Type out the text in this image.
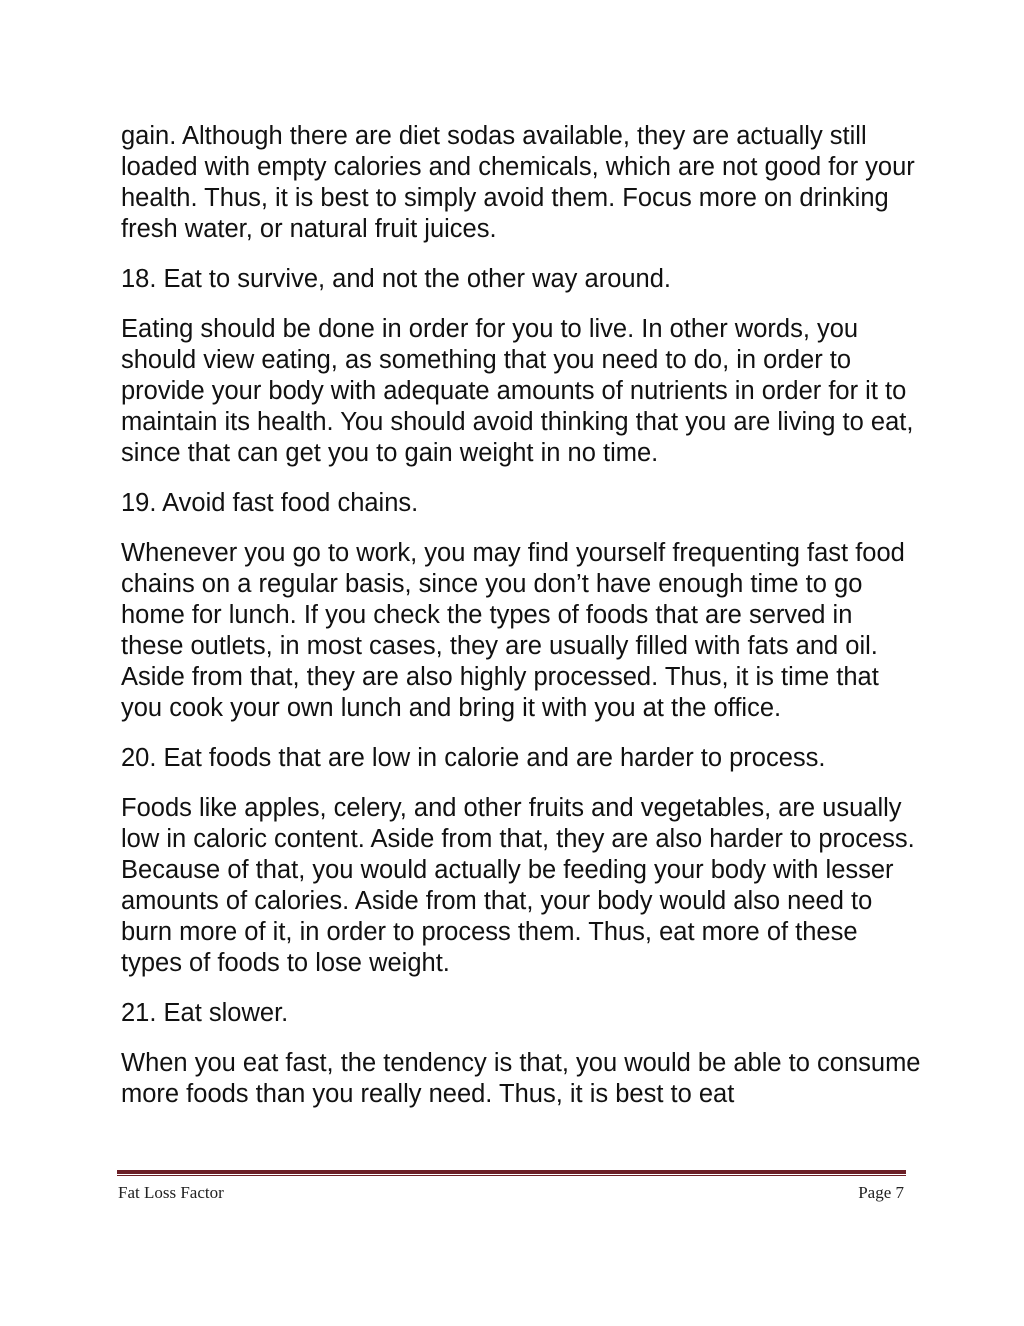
gain. Although there are diet sodas available, they are actually still loaded with empty calories and chemicals, which are not good for your health. Thus, it is best to simply avoid them. Focus more on drinking fresh water, or natural fruit juices.

18. Eat to survive, and not the other way around.

Eating should be done in order for you to live. In other words, you should view eating, as something that you need to do, in order to provide your body with adequate amounts of nutrients in order for it to maintain its health. You should avoid thinking that you are living to eat, since that can get you to gain weight in no time.

19. Avoid fast food chains.

Whenever you go to work, you may find yourself frequenting fast food chains on a regular basis, since you don’t have enough time to go home for lunch. If you check the types of foods that are served in these outlets, in most cases, they are usually filled with fats and oil. Aside from that, they are also highly processed. Thus, it is time that you cook your own lunch and bring it with you at the office.

20. Eat foods that are low in calorie and are harder to process.

Foods like apples, celery, and other fruits and vegetables, are usually low in caloric content. Aside from that, they are also harder to process. Because of that, you would actually be feeding your body with lesser amounts of calories. Aside from that, your body would also need to burn more of it, in order to process them. Thus, eat more of these types of foods to lose weight.

21. Eat slower.

When you eat fast, the tendency is that, you would be able to consume more foods than you really need. Thus, it is best to eat

Fat Loss Factor	Page 7
